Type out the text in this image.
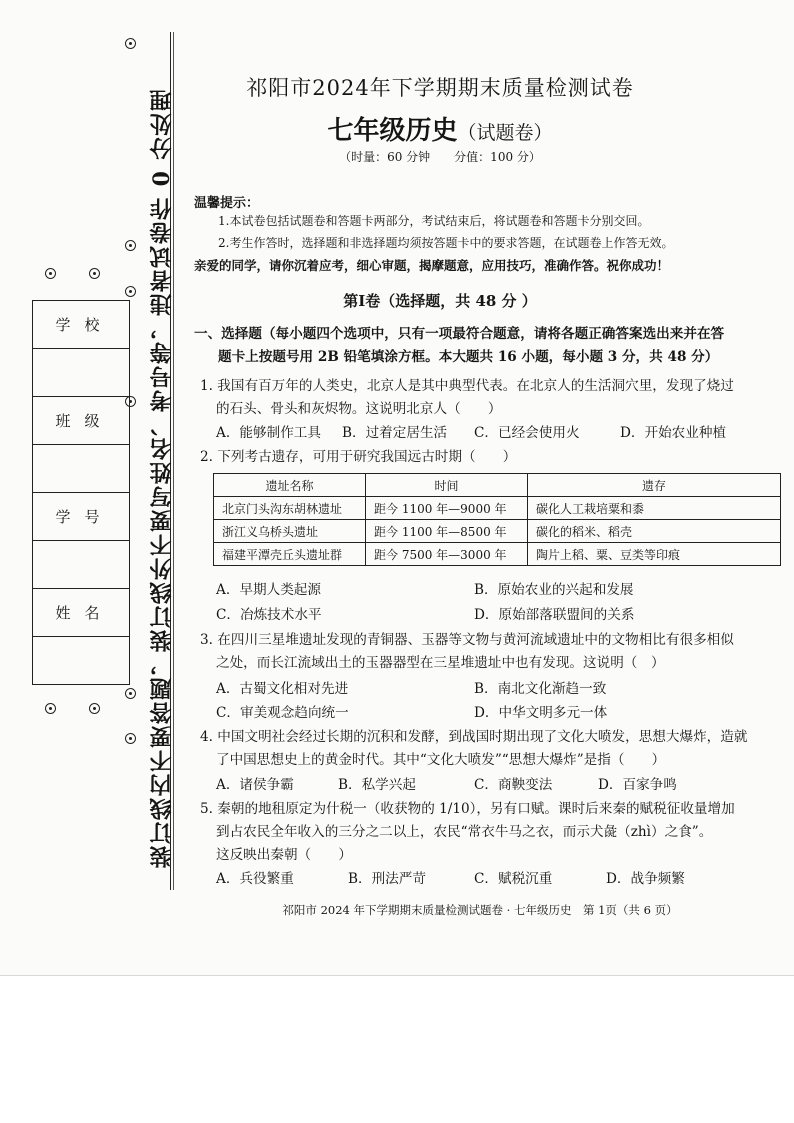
装订线内不要答题，装订线外不要写姓名、考号等，违者试卷作 0 分处理
学校

班级

学号

姓名

祁阳市2024年下学期期末质量检测试卷
七年级历史（试题卷）
（时量：60 分钟　　分值：100 分）
温馨提示：
1.本试卷包括试题卷和答题卡两部分，考试结束后，将试题卷和答题卡分别交回。
2.考生作答时，选择题和非选择题均须按答题卡中的要求答题，在试题卷上作答无效。
亲爱的同学，请你沉着应考，细心审题，揭摩题意，应用技巧，准确作答。祝你成功！
第Ⅰ卷（选择题，共 48 分 ）
一、选择题（每小题四个选项中，只有一项最符合题意，请将各题正确答案选出来并在答
题卡上按题号用 2B 铅笔填涂方框。本大题共 16 小题，每小题 3 分，共 48 分）
1. 我国有百万年的人类史，北京人是其中典型代表。在北京人的生活洞穴里，发现了烧过
的石头、骨头和灰烬物。这说明北京人（　　）
A．能够制作工具 B．过着定居生活 C．已经会使用火	D．开始农业种植
2. 下列考古遗存，可用于研究我国远古时期（　　）
遗址名称	时间	遗存
北京门头沟东胡林遗址	距今 1100 年—9000 年	碳化人工栽培粟和黍
浙江义乌桥头遗址	距今 1100 年—8500 年	碳化的稻米、稻壳
福建平潭壳丘头遗址群	距今 7500 年—3000 年	陶片上稻、粟、豆类等印痕
A．早期人类起源	B．原始农业的兴起和发展
C．冶炼技术水平	D．原始部落联盟间的关系
3. 在四川三星堆遗址发现的青铜器、玉器等文物与黄河流域遗址中的文物相比有很多相似
之处，而长江流域出土的玉器器型在三星堆遗址中也有发现。这说明（　）
A．古蜀文化相对先进	B．南北文化渐趋一致
C．审美观念趋向统一	D．中华文明多元一体
4. 中国文明社会经过长期的沉积和发酵，到战国时期出现了文化大喷发，思想大爆炸，造就
了中国思想史上的黄金时代。其中“文化大喷发”“思想大爆炸”是指（　　）
A．诸侯争霸	B．私学兴起	C．商鞅变法	D．百家争鸣
5. 秦朝的地租原定为什税一（收获物的 1/10），另有口赋。课时后来秦的赋税征收量增加
到占农民全年收入的三分之二以上，农民“常衣牛马之衣，而示犬彘（zhì）之食”。
这反映出秦朝（　　）
A．兵役繁重	B．刑法严苛	C．赋税沉重	D．战争频繁
祁阳市 2024 年下学期期末质量检测试题卷 · 七年级历史　第 1页（共 6 页）
